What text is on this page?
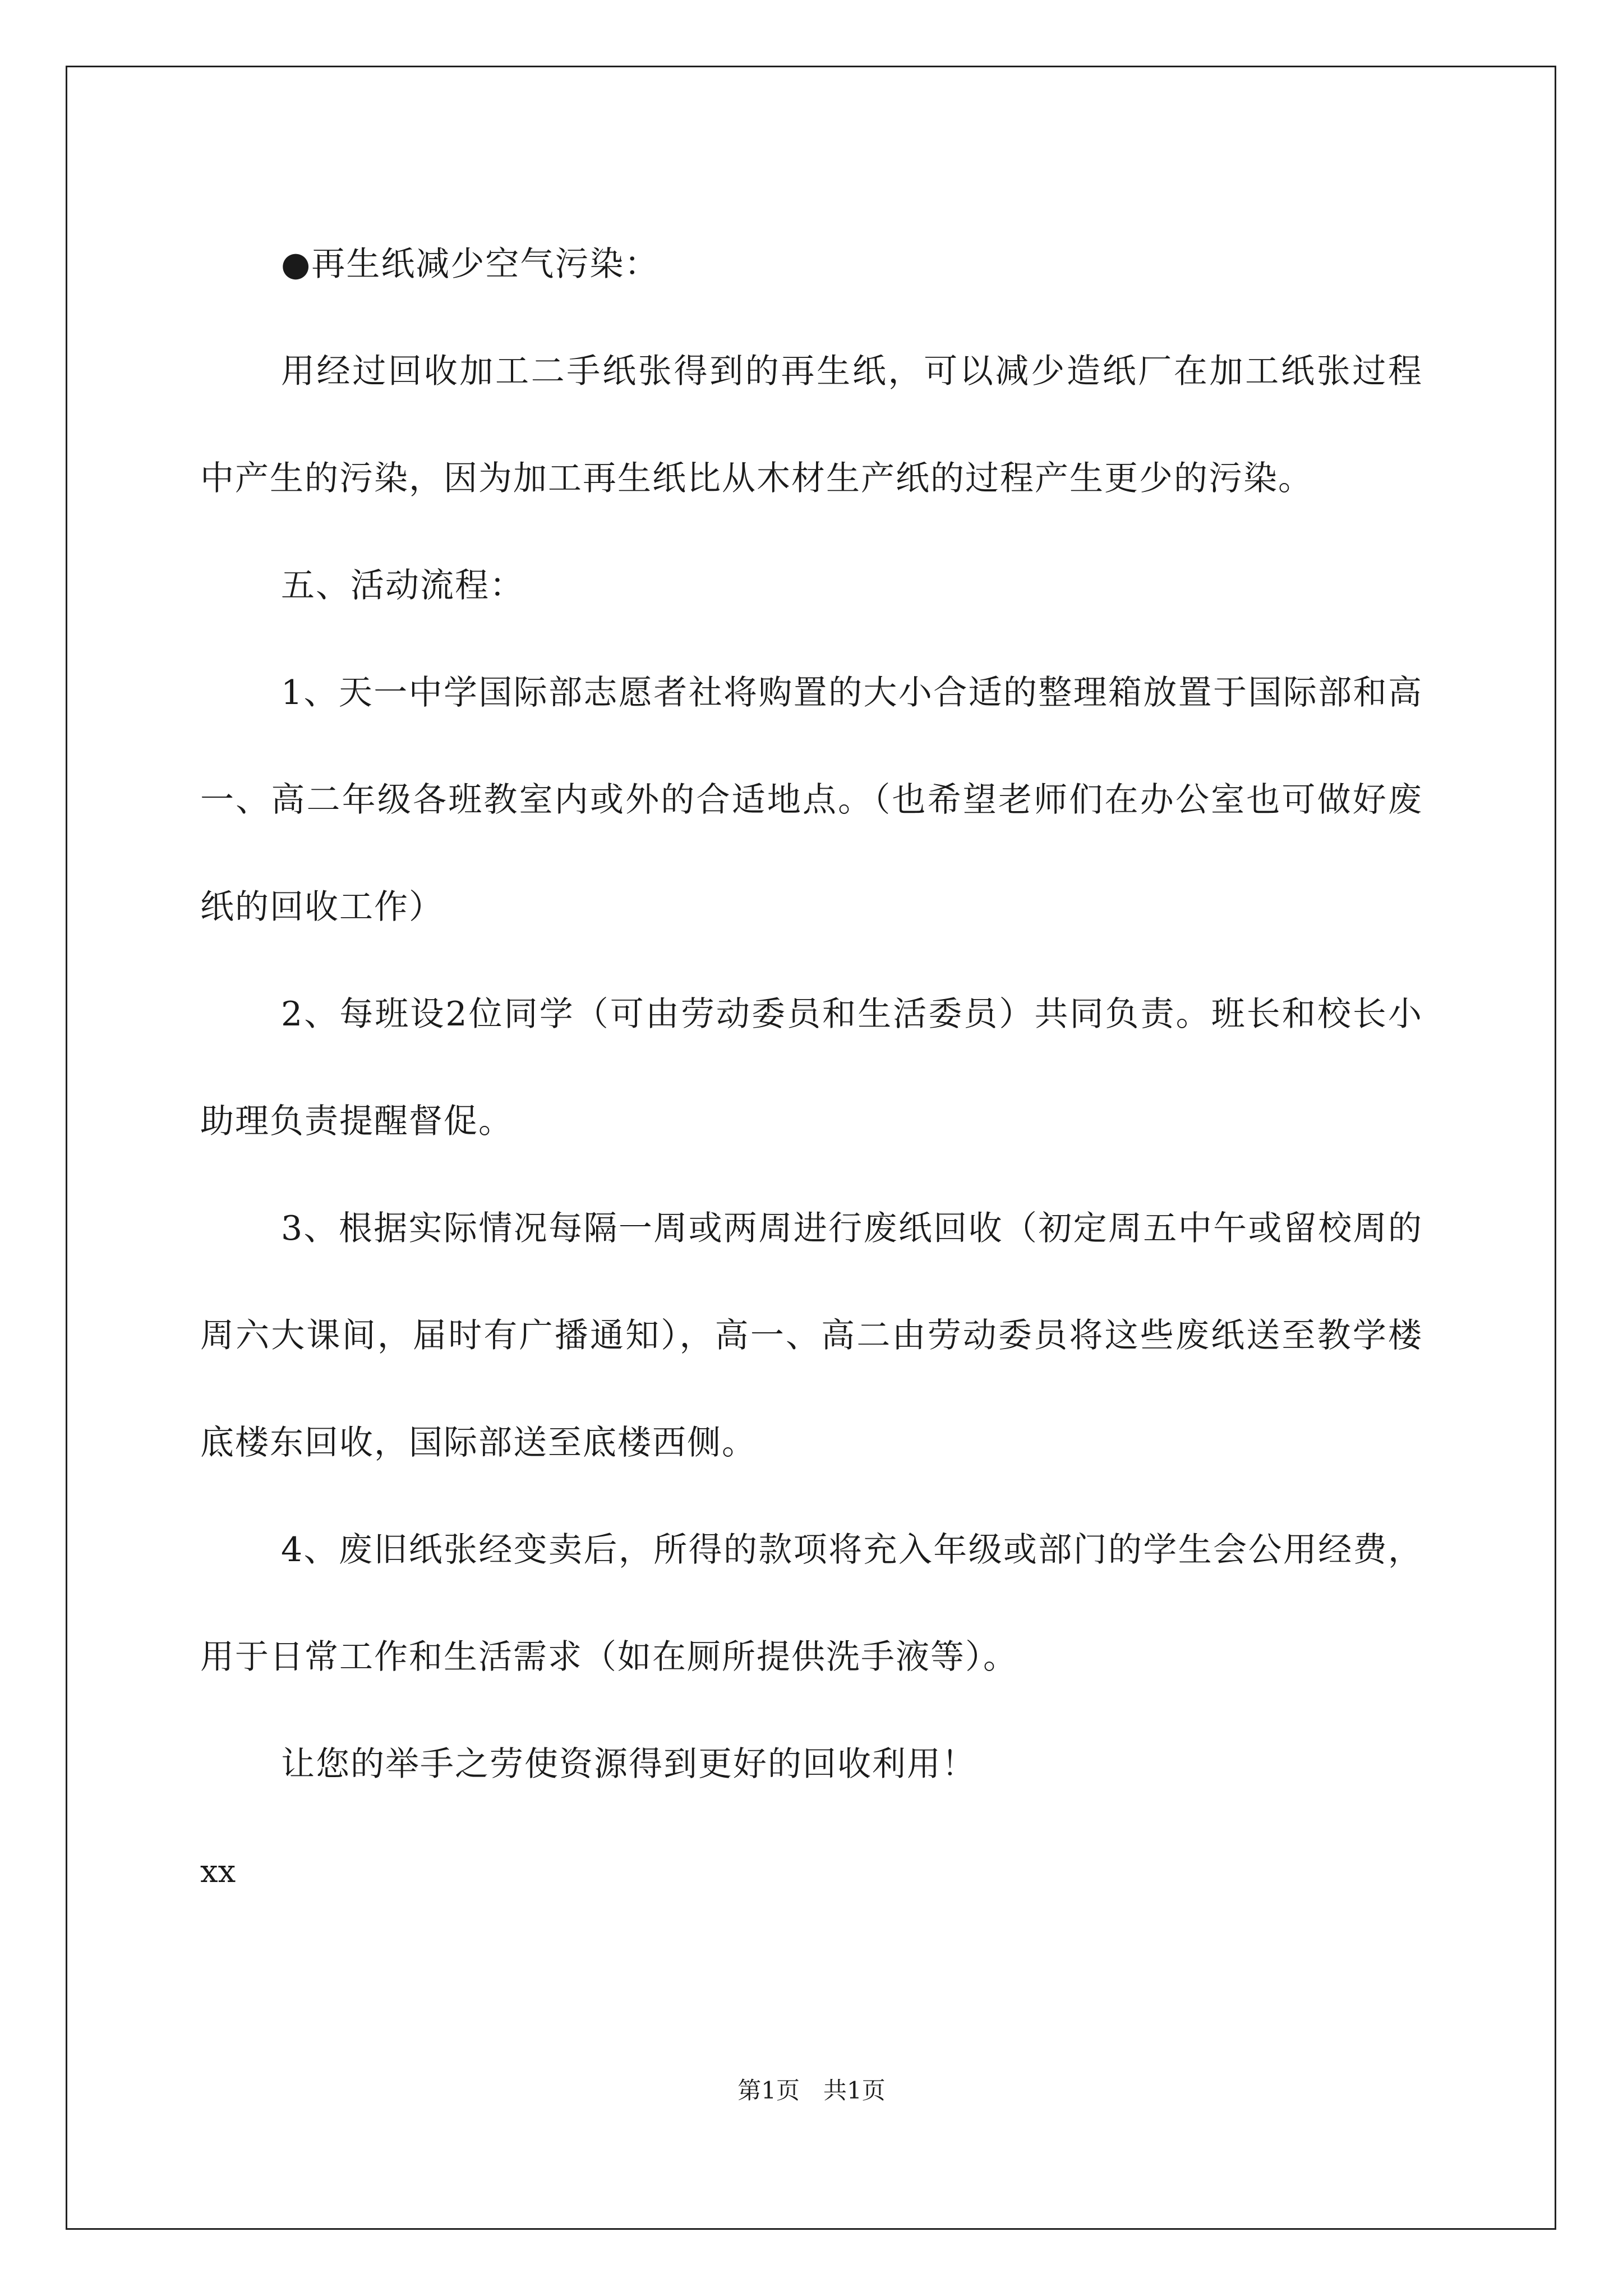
●再生纸减少空气污染：

用经过回收加工二手纸张得到的再生纸，可以减少造纸厂在加工纸张过程中产生的污染，因为加工再生纸比从木材生产纸的过程产生更少的污染。

五、活动流程：

1、天一中学国际部志愿者社将购置的大小合适的整理箱放置于国际部和高一、高二年级各班教室内或外的合适地点。（也希望老师们在办公室也可做好废纸的回收工作）

2、每班设2位同学（可由劳动委员和生活委员）共同负责。班长和校长小助理负责提醒督促。

3、根据实际情况每隔一周或两周进行废纸回收（初定周五中午或留校周的周六大课间，届时有广播通知），高一、高二由劳动委员将这些废纸送至教学楼底楼东回收，国际部送至底楼西侧。

4、废旧纸张经变卖后，所得的款项将充入年级或部门的学生会公用经费，用于日常工作和生活需求（如在厕所提供洗手液等）。

让您的举手之劳使资源得到更好的回收利用！

xx

第1页　共1页
